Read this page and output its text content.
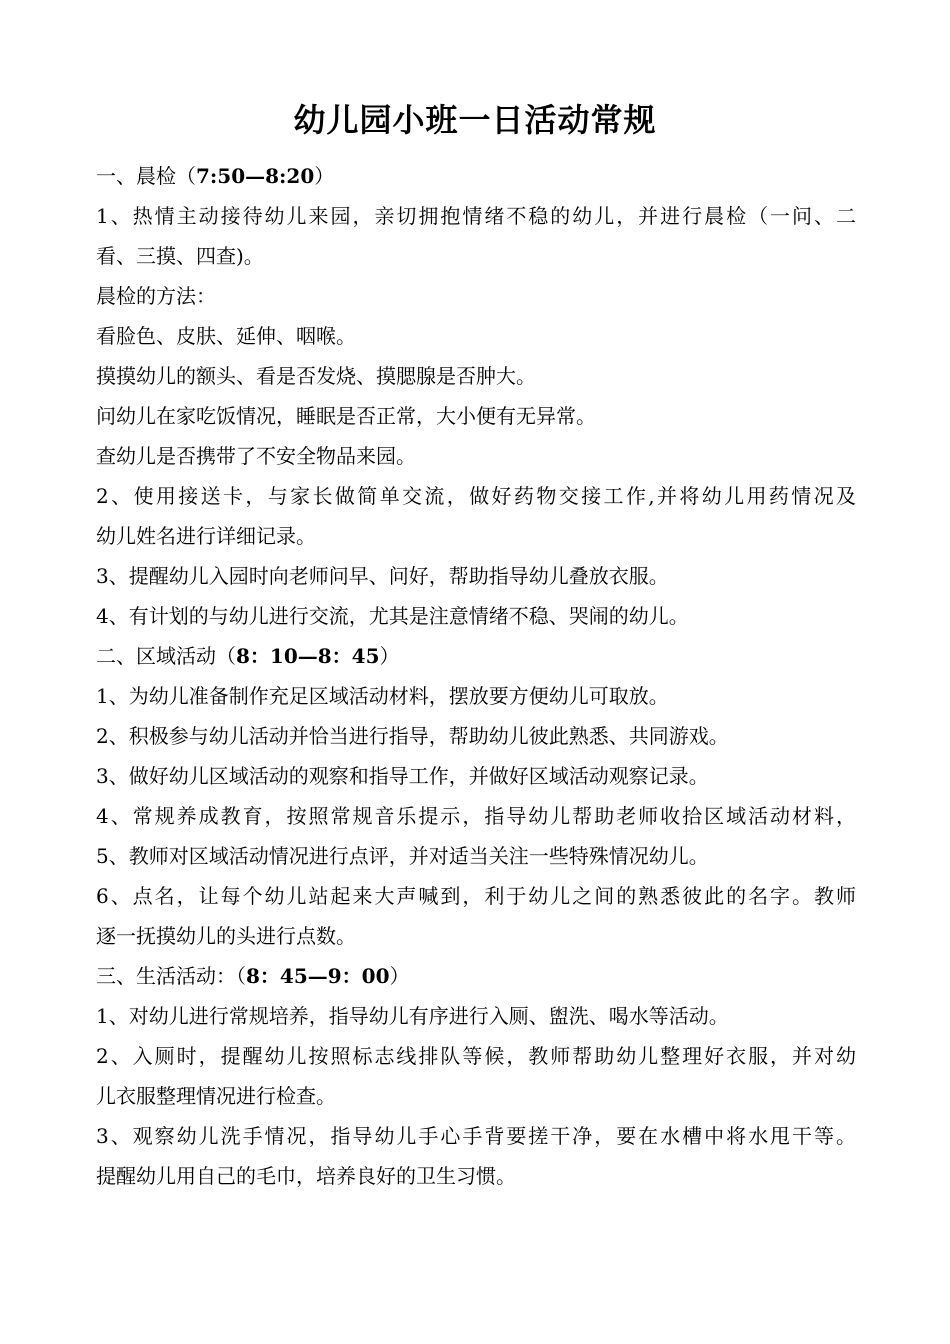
幼儿园小班一日活动常规
一、晨检（7:50—8:20）
1、热情主动接待幼儿来园，亲切拥抱情绪不稳的幼儿，并进行晨检（一问、二
看、三摸、四查)。
晨检的方法：
看脸色、皮肤、延伸、咽喉。
摸摸幼儿的额头、看是否发烧、摸腮腺是否肿大。
问幼儿在家吃饭情况，睡眠是否正常，大小便有无异常。
查幼儿是否携带了不安全物品来园。
2、使用接送卡，与家长做简单交流，做好药物交接工作,并将幼儿用药情况及
幼儿姓名进行详细记录。
3、提醒幼儿入园时向老师问早、问好，帮助指导幼儿叠放衣服。
4、有计划的与幼儿进行交流，尤其是注意情绪不稳、哭闹的幼儿。
二、区域活动（8：10—8：45）
1、为幼儿准备制作充足区域活动材料，摆放要方便幼儿可取放。
2、积极参与幼儿活动并恰当进行指导，帮助幼儿彼此熟悉、共同游戏。
3、做好幼儿区域活动的观察和指导工作，并做好区域活动观察记录。
4、常规养成教育，按照常规音乐提示，指导幼儿帮助老师收拾区域活动材料，
5、教师对区域活动情况进行点评，并对适当关注一些特殊情况幼儿。
6、点名，让每个幼儿站起来大声喊到，利于幼儿之间的熟悉彼此的名字。教师
逐一抚摸幼儿的头进行点数。
三、生活活动：（8：45—9：00）
1、对幼儿进行常规培养，指导幼儿有序进行入厕、盥洗、喝水等活动。
2、入厕时，提醒幼儿按照标志线排队等候，教师帮助幼儿整理好衣服，并对幼
儿衣服整理情况进行检查。
3、观察幼儿洗手情况，指导幼儿手心手背要搓干净，要在水槽中将水甩干等。
提醒幼儿用自己的毛巾，培养良好的卫生习惯。
